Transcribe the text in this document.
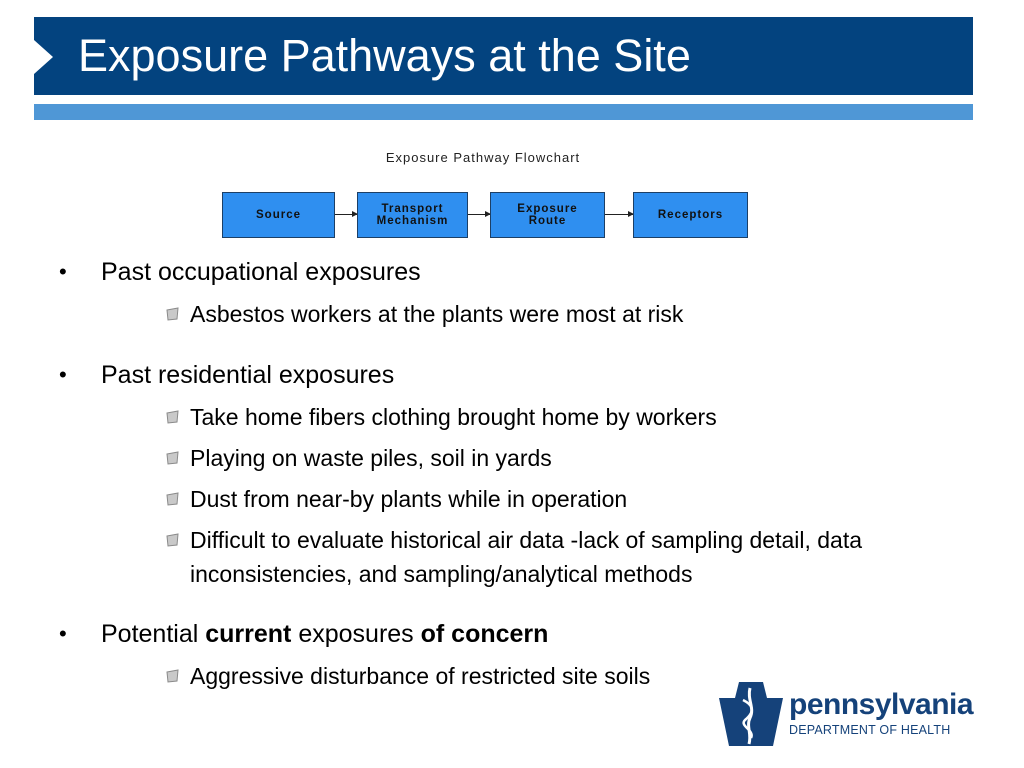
Exposure Pathways at the Site
Exposure Pathway Flowchart
Source	Transport
Mechanism
Exposure
Route	Receptors
• Past occupational exposures
Asbestos workers at the plants were most at risk
• Past residential exposures
Take home fibers clothing brought home by workers
Playing on waste piles, soil in yards
Dust from near-by plants while in operation
Difficult to evaluate historical air data -lack of sampling detail, data inconsistencies, and sampling/analytical methods
• Potential current exposures of concern
Aggressive disturbance of restricted site soils
pennsylvania
DEPARTMENT OF HEALTH
